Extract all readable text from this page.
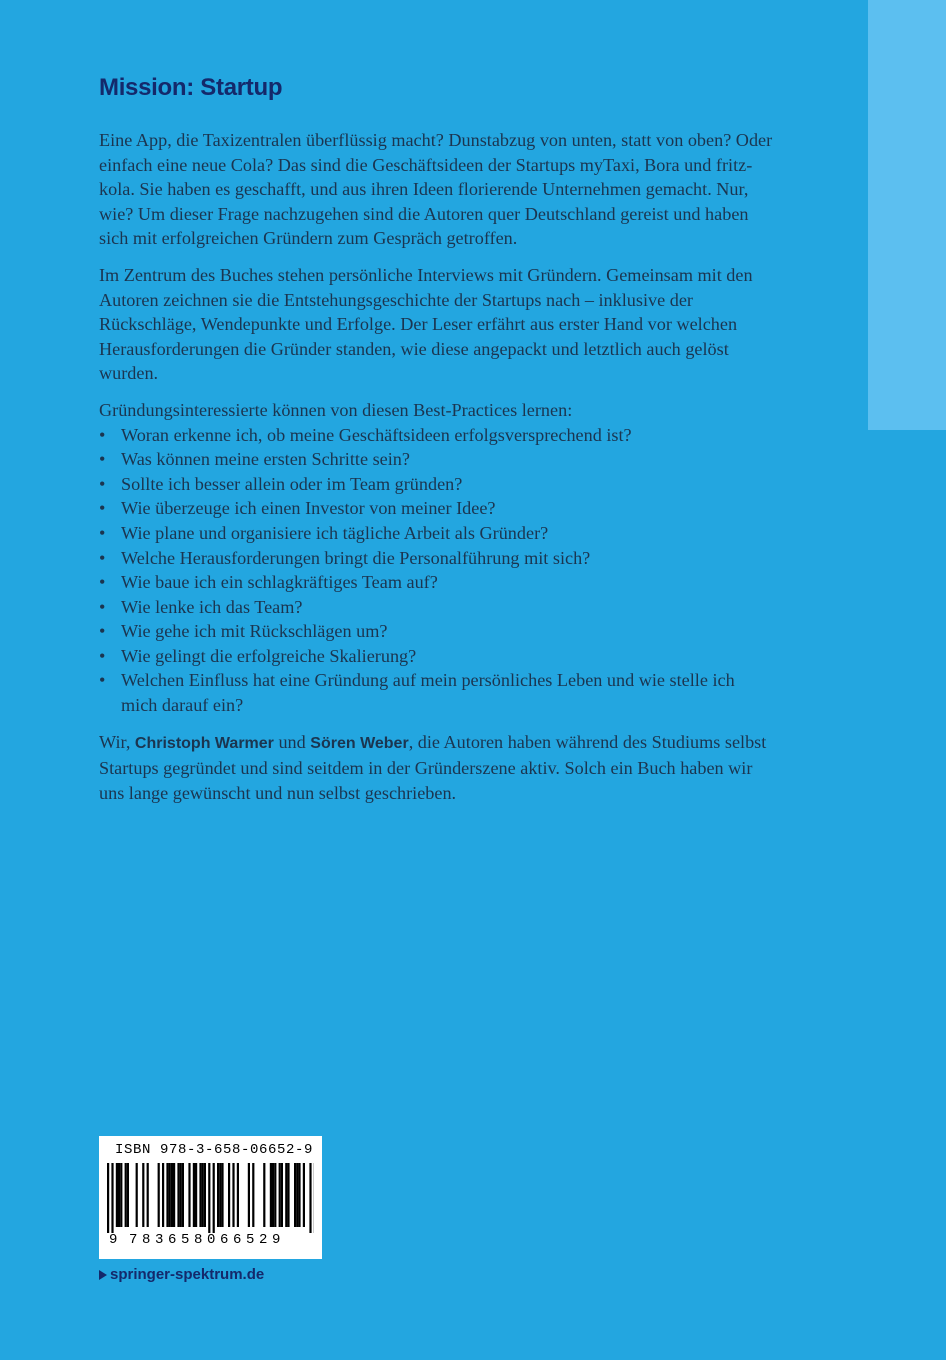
Mission: Startup

Eine App, die Taxizentralen überflüssig macht? Dunstabzug von unten, statt von oben? Oder einfach eine neue Cola? Das sind die Geschäftsideen der Startups myTaxi, Bora und fritz-kola. Sie haben es geschafft, und aus ihren Ideen florierende Unternehmen gemacht. Nur, wie? Um dieser Frage nachzugehen sind die Autoren quer Deutschland gereist und haben sich mit erfolgreichen Gründern zum Gespräch getroffen.

Im Zentrum des Buches stehen persönliche Interviews mit Gründern. Gemeinsam mit den Autoren zeichnen sie die Entstehungsgeschichte der Startups nach – inklusive der Rückschläge, Wendepunkte und Erfolge. Der Leser erfährt aus erster Hand vor welchen Herausforderungen die Gründer standen, wie diese angepackt und letztlich auch gelöst wurden.

Gründungsinteressierte können von diesen Best-Practices lernen:

• Woran erkenne ich, ob meine Geschäftsideen erfolgsversprechend ist?
• Was können meine ersten Schritte sein?
• Sollte ich besser allein oder im Team gründen?
• Wie überzeuge ich einen Investor von meiner Idee?
• Wie plane und organisiere ich tägliche Arbeit als Gründer?
• Welche Herausforderungen bringt die Personalführung mit sich?
• Wie baue ich ein schlagkräftiges Team auf?
• Wie lenke ich das Team?
• Wie gehe ich mit Rückschlägen um?
• Wie gelingt die erfolgreiche Skalierung?
• Welchen Einfluss hat eine Gründung auf mein persönliches Leben und wie stelle ich mich darauf ein?

Wir, Christoph Warmer und Sören Weber, die Autoren haben während des Studiums selbst Startups gegründet und sind seitdem in der Gründerszene aktiv. Solch ein Buch haben wir uns lange gewünscht und nun selbst geschrieben.

ISBN 978-3-658-06652-9
9 783658066529
springer-spektrum.de
